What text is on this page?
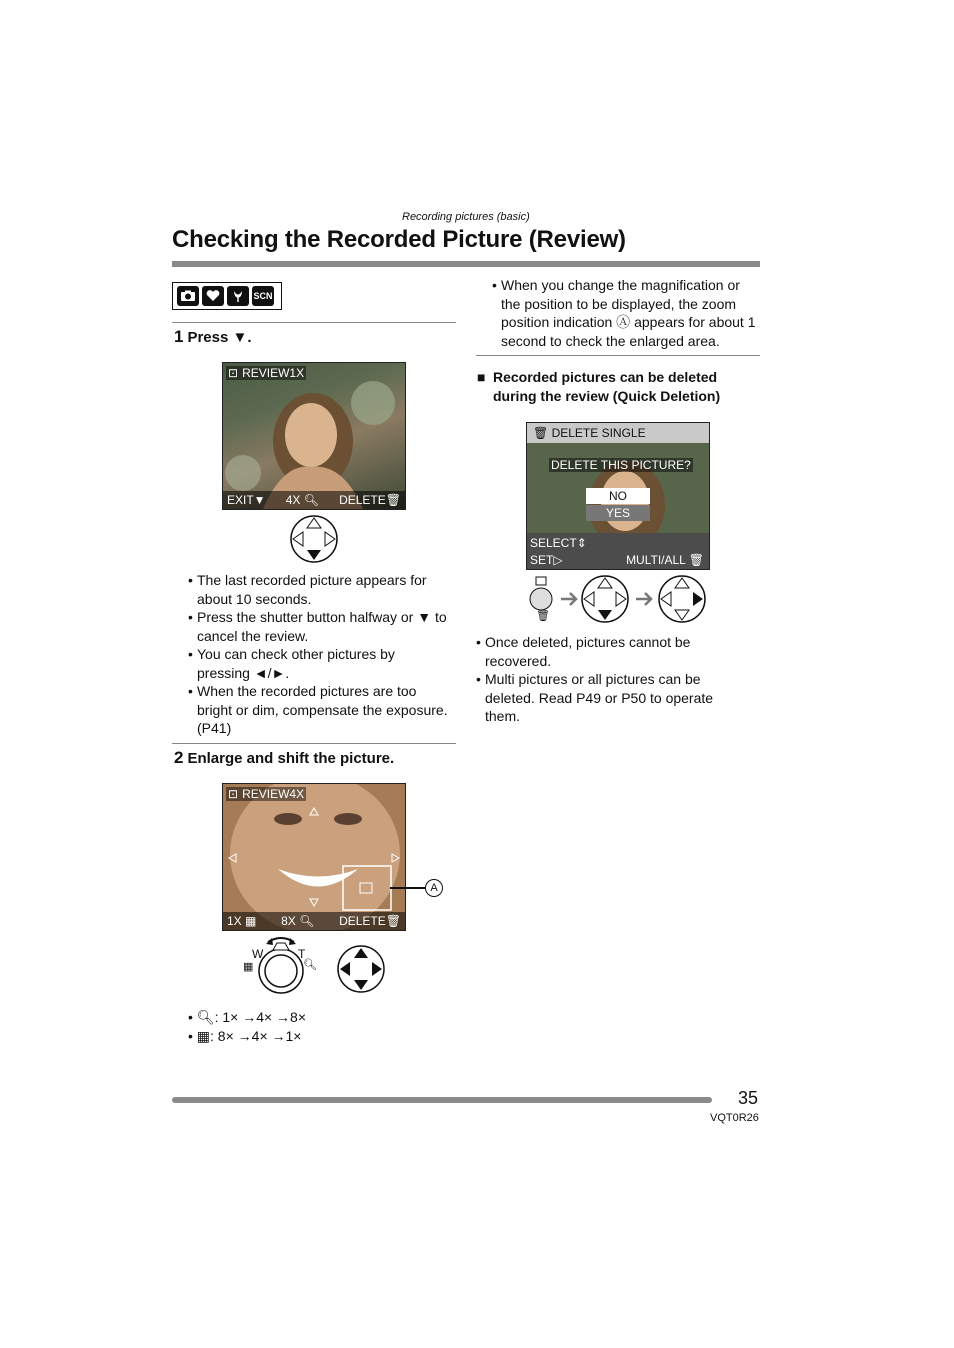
Recording pictures (basic)
Checking the Recorded Picture (Review)
SCN
1 Press ▼.
⊡ REVIEW1X
EXIT▼ 4X 🔍︎ DELETE🗑︎
• The last recorded picture appears for about 10 seconds.
• Press the shutter button halfway or ▼ to cancel the review.
• You can check other pictures by pressing ◄/►.
• When the recorded pictures are too bright or dim, compensate the exposure. (P41)
2 Enlarge and shift the picture.
⊡ REVIEW4X
1X ▦ 8X 🔍︎ DELETE🗑︎
A
W	T
▦	🔍︎
• 🔍︎: 1× →4× →8×
• ▦: 8× →4× →1×
• When you change the magnification or the position to be displayed, the zoom position indication Ⓐ appears for about 1 second to check the enlarged area.
■ Recorded pictures can be deleted during the review (Quick Deletion)
🗑︎ DELETE SINGLE
DELETE THIS PICTURE?
NO
YES
SELECT⇕
SET▷	MULTI/ALL 🗑︎
🗑︎
• Once deleted, pictures cannot be recovered.
• Multi pictures or all pictures can be deleted. Read P49 or P50 to operate them.
35
VQT0R26
